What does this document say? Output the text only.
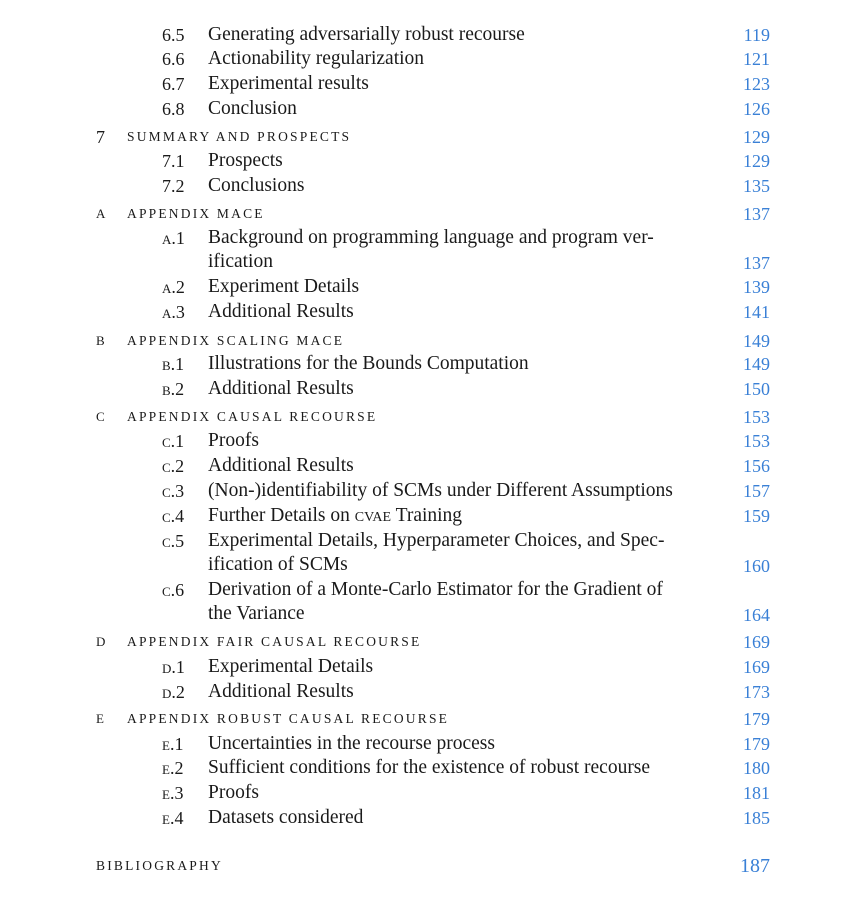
6.5 Generating adversarially robust recourse	119
6.6 Actionability regularization	121
6.7 Experimental results	123
6.8 Conclusion	126
7 SUMMARY AND PROSPECTS	129
7.1 Prospects	129
7.2 Conclusions	135
A APPENDIX MACE	137
a.1 Background on programming language and program ver-
ification	137
a.2 Experiment Details	139
a.3 Additional Results	141
B APPENDIX SCALING MACE	149
b.1 Illustrations for the Bounds Computation	149
b.2 Additional Results	150
C APPENDIX CAUSAL RECOURSE	153
c.1 Proofs	153
c.2 Additional Results	156
c.3 (Non-)identifiability of SCMs under Different Assumptions	157
c.4 Further Details on cvae Training	159
c.5 Experimental Details, Hyperparameter Choices, and Spec-
ification of SCMs	160
c.6 Derivation of a Monte-Carlo Estimator for the Gradient of
the Variance	164
D APPENDIX FAIR CAUSAL RECOURSE	169
d.1 Experimental Details	169
d.2 Additional Results	173
E APPENDIX ROBUST CAUSAL RECOURSE	179
e.1 Uncertainties in the recourse process	179
e.2 Sufficient conditions for the existence of robust recourse	180
e.3 Proofs	181
e.4 Datasets considered	185
BIBLIOGRAPHY	187
